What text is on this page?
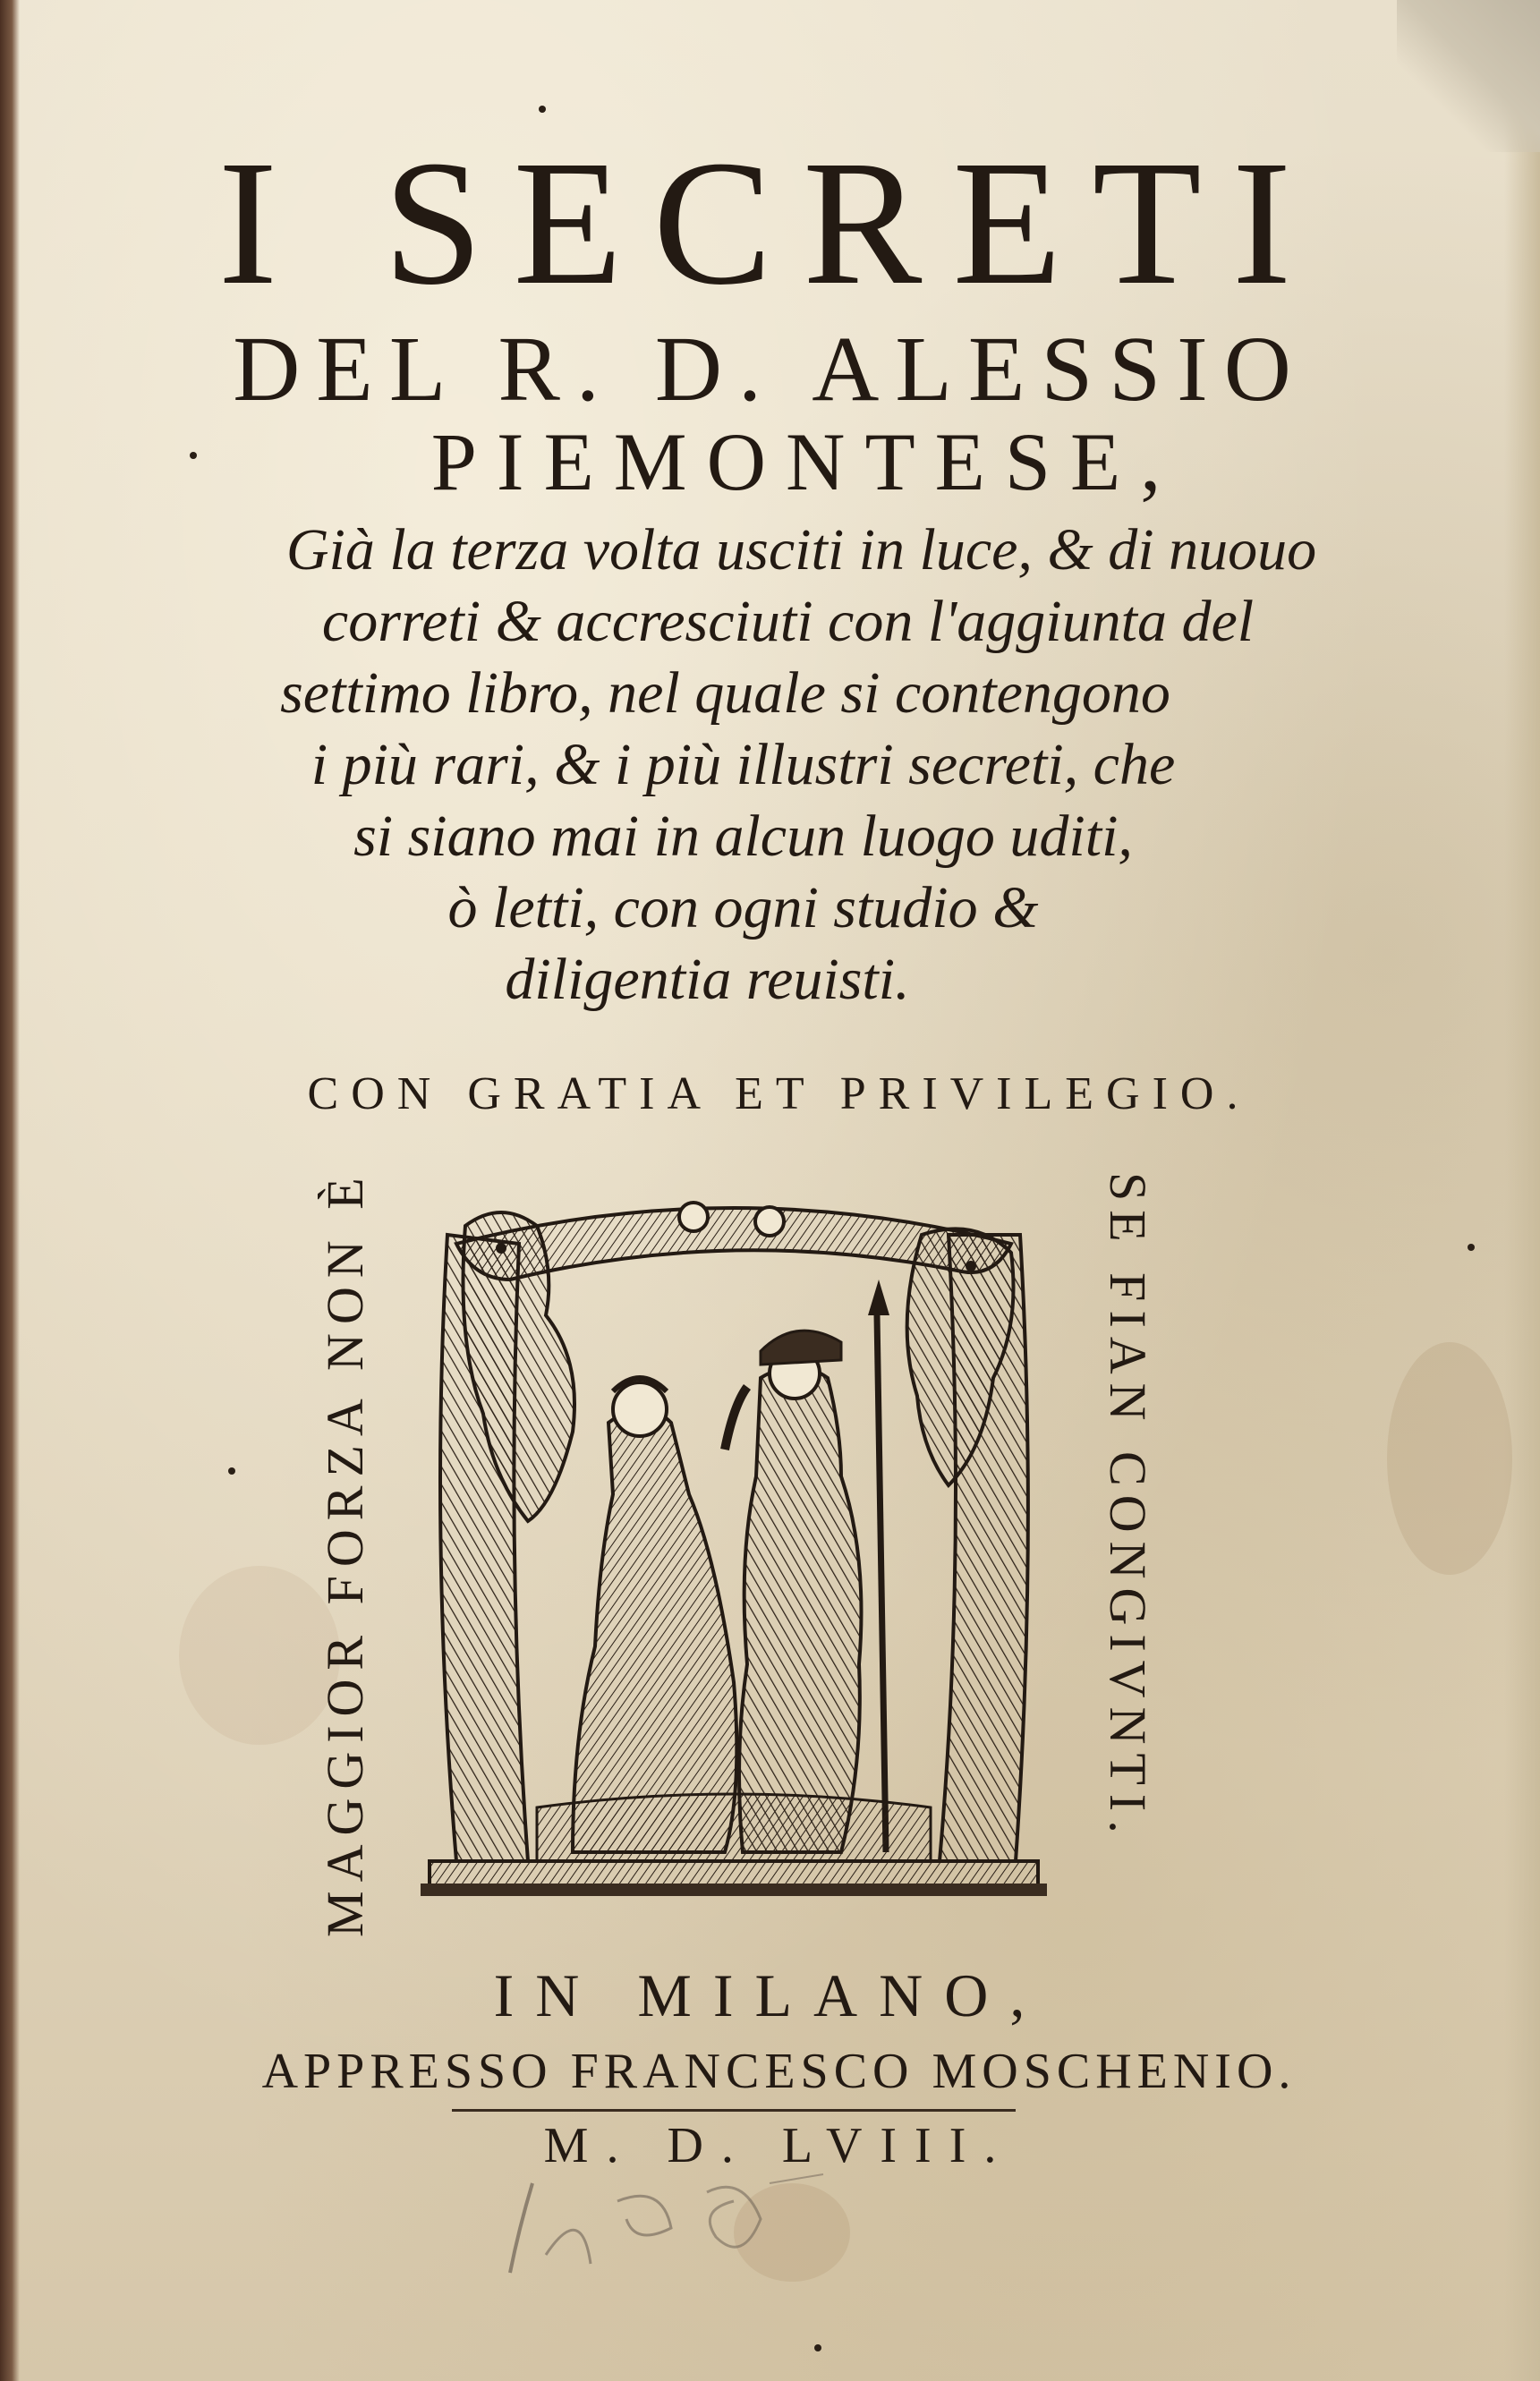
I SECRETI
DEL R. D. ALESSIO
PIEMONTESE,
Già la terza volta usciti in luce, & di nuouo
correti & accresciuti con l'aggiunta del
settimo libro, nel quale si contengono
i più rari, & i più illustri secreti, che
si siano mai in alcun luogo uditi,
ò letti, con ogni studio &
diligentia reuisti.
CON GRATIA ET PRIVILEGIO.
MAGGIOR FORZA NON È	SE FIAN CONGIVNTI.
IN MILANO,
APPRESSO FRANCESCO MOSCHENIO.
M. D. LVIII.
